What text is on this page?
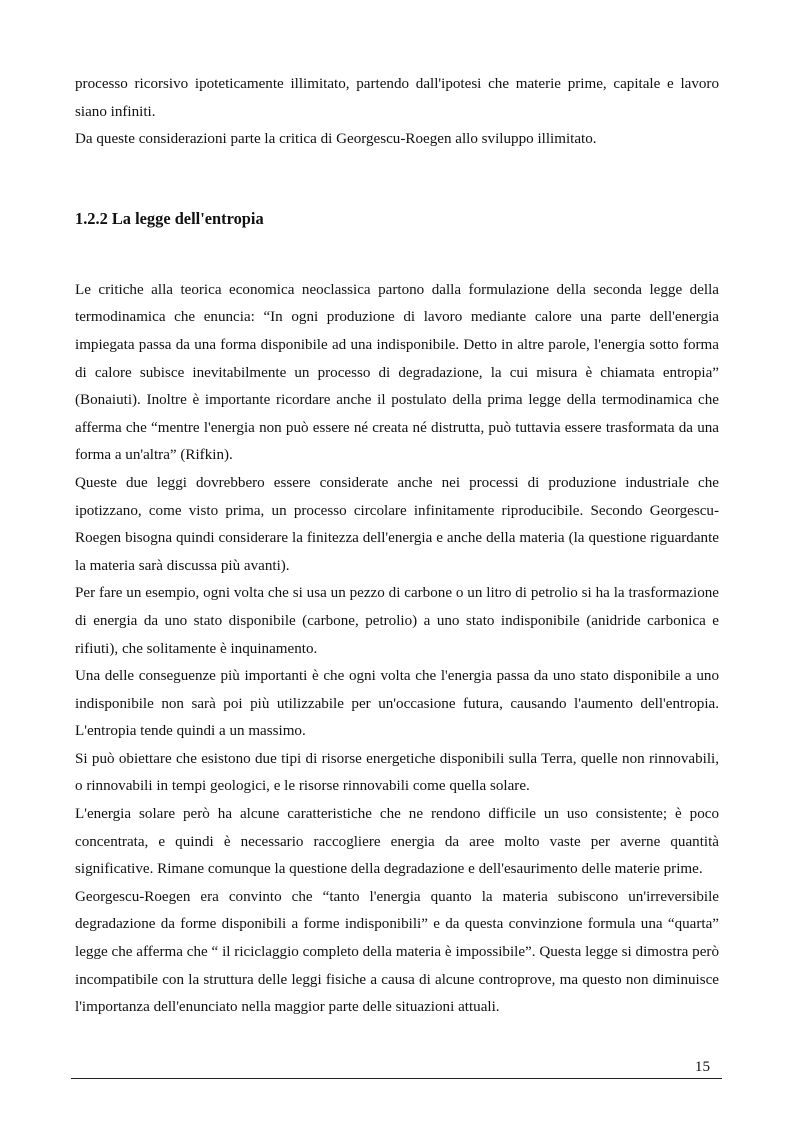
processo ricorsivo ipoteticamente illimitato, partendo dall'ipotesi che materie prime, capitale e lavoro siano infiniti.

Da queste considerazioni parte la critica di Georgescu-Roegen allo sviluppo illimitato.

1.2.2 La legge dell'entropia

Le critiche alla teorica economica neoclassica partono dalla formulazione della seconda legge della termodinamica che enuncia: “In ogni produzione di lavoro mediante calore una parte dell'energia impiegata passa da una forma disponibile ad una indisponibile. Detto in altre parole, l'energia sotto forma di calore subisce inevitabilmente un processo di degradazione, la cui misura è chiamata entropia” (Bonaiuti). Inoltre è importante ricordare anche il postulato della prima legge della termodinamica che afferma che “mentre l'energia non può essere né creata né distrutta, può tuttavia essere trasformata da una forma a un'altra” (Rifkin).

Queste due leggi dovrebbero essere considerate anche nei processi di produzione industriale che ipotizzano, come visto prima, un processo circolare infinitamente riproducibile. Secondo Georgescu-Roegen bisogna quindi considerare la finitezza dell'energia e anche della materia (la questione riguardante la materia sarà discussa più avanti).

Per fare un esempio, ogni volta che si usa un pezzo di carbone o un litro di petrolio si ha la trasformazione di energia da uno stato disponibile (carbone, petrolio) a uno stato indisponibile (anidride carbonica e rifiuti), che solitamente è inquinamento.

Una delle conseguenze più importanti è che ogni volta che l'energia passa da uno stato disponibile a uno indisponibile non sarà poi più utilizzabile per un'occasione futura, causando l'aumento dell'entropia. L'entropia tende quindi a un massimo.

Si può obiettare che esistono due tipi di risorse energetiche disponibili sulla Terra, quelle non rinnovabili, o rinnovabili in tempi geologici, e le risorse rinnovabili come quella solare.

L'energia solare però ha alcune caratteristiche che ne rendono difficile un uso consistente; è poco concentrata, e quindi è necessario raccogliere energia da aree molto vaste per averne quantità significative. Rimane comunque la questione della degradazione e dell'esaurimento delle materie prime.

Georgescu-Roegen era convinto che “tanto l'energia quanto la materia subiscono un'irreversibile degradazione da forme disponibili a forme indisponibili” e da questa convinzione formula una “quarta” legge che afferma che “ il riciclaggio completo della materia è impossibile”. Questa legge si dimostra però incompatibile con la struttura delle leggi fisiche a causa di alcune controprove, ma questo non diminuisce l'importanza dell'enunciato nella maggior parte delle situazioni attuali.

15
